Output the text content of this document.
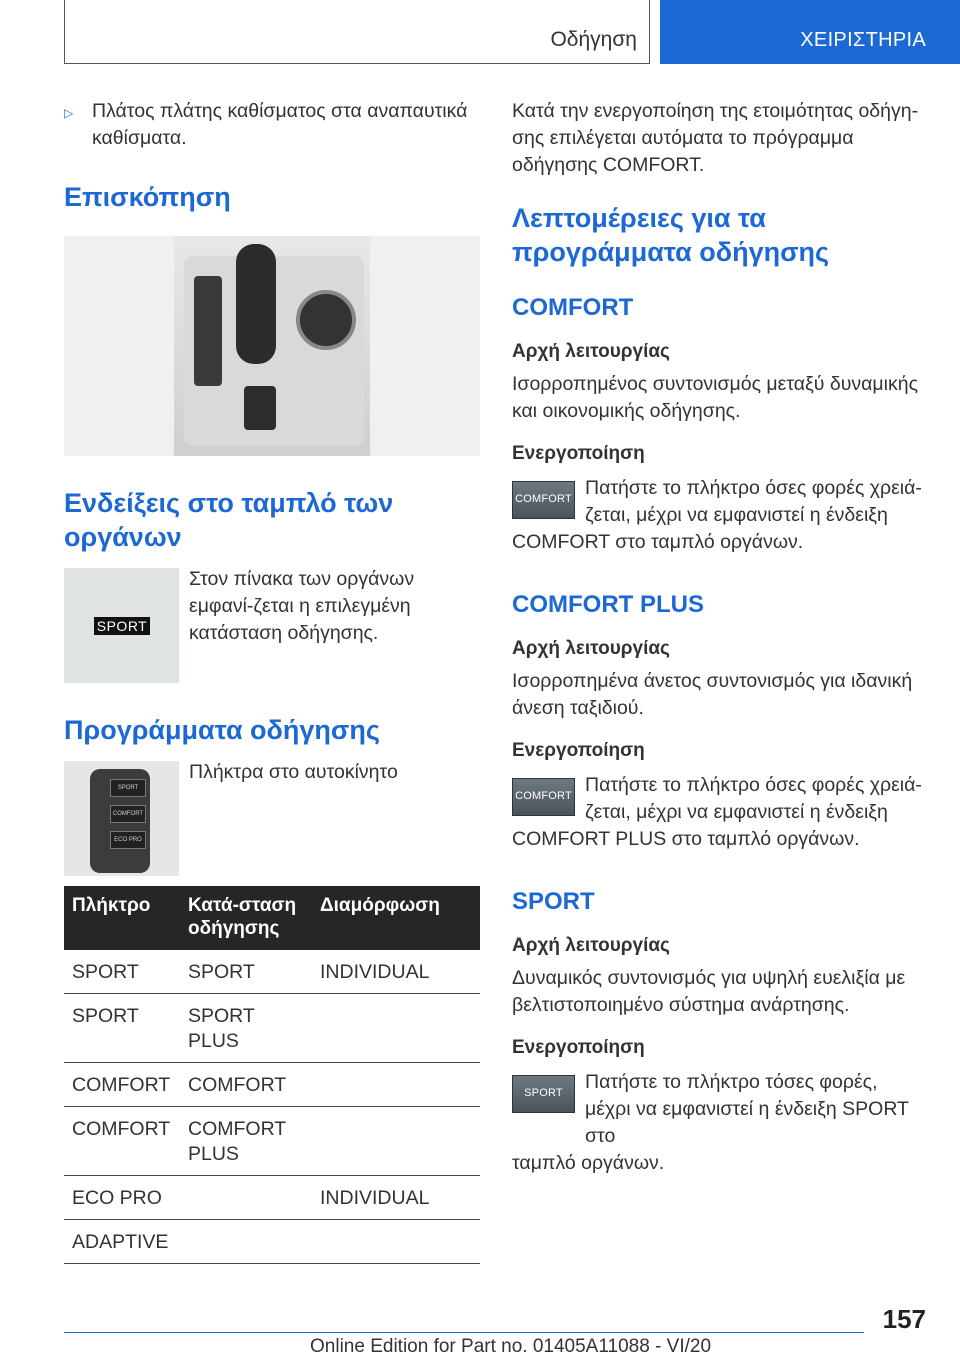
Οδήγηση	ΧΕΙΡΙΣΤΗΡΙΑ
▷ Πλάτος πλάτης καθίσματος στα αναπαυτικά καθίσματα.
Επισκόπηση
Ενδείξεις στο ταμπλό των οργάνων
SPORT
Στον πίνακα των οργάνων εμφανί-ζεται η επιλεγμένη κατάσταση οδήγησης.
Προγράμματα οδήγησης
SPORT
COMFORT
ECO PRO
Πλήκτρα στο αυτοκίνητο
Πλήκτρο	Κατά-σταση οδήγησης	Διαμόρφωση
SPORT	SPORT	INDIVIDUAL
SPORT	SPORT PLUS	
COMFORT	COMFORT	
COMFORT	COMFORT PLUS	
ECO PRO		INDIVIDUAL
ADAPTIVE		
Κατά την ενεργοποίηση της ετοιμότητας οδήγη-σης επιλέγεται αυτόματα το πρόγραμμα οδήγησης COMFORT.
Λεπτομέρειες για τα προγράμματα οδήγησης
COMFORT
Αρχή λειτουργίας
Ισορροπημένος συντονισμός μεταξύ δυναμικής και οικονομικής οδήγησης.
Ενεργοποίηση
COMFORT Πατήστε το πλήκτρο όσες φορές χρειά-ζεται, μέχρι να εμφανιστεί η ένδειξη
COMFORT στο ταμπλό οργάνων.
COMFORT PLUS
Αρχή λειτουργίας
Ισορροπημένα άνετος συντονισμός για ιδανική άνεση ταξιδιού.
Ενεργοποίηση
COMFORT Πατήστε το πλήκτρο όσες φορές χρειά-ζεται, μέχρι να εμφανιστεί η ένδειξη
COMFORT PLUS στο ταμπλό οργάνων.
SPORT
Αρχή λειτουργίας
Δυναμικός συντονισμός για υψηλή ευελιξία με βελτιστοποιημένο σύστημα ανάρτησης.
Ενεργοποίηση
SPORT	Πατήστε το πλήκτρο τόσες φορές, μέχρι να εμφανιστεί η ένδειξη SPORT στο
ταμπλό οργάνων.
157
Online Edition for Part no. 01405A11088 - VI/20
